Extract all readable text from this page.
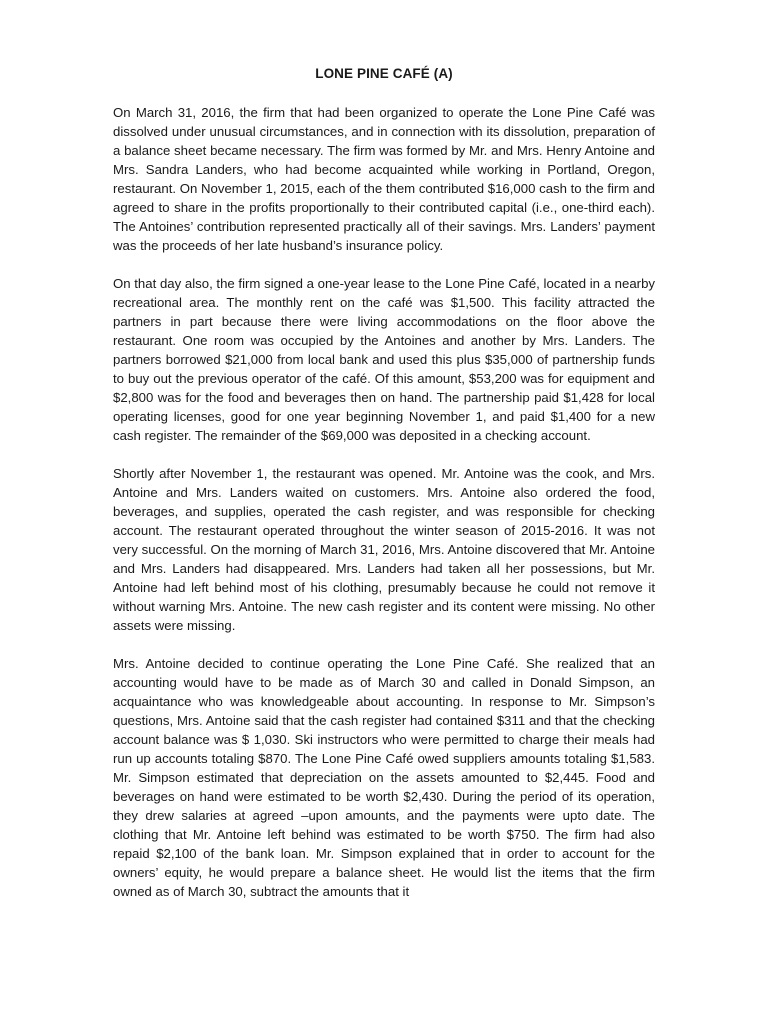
LONE PINE CAFÉ (A)

On March 31, 2016, the firm that had been organized to operate the Lone Pine Café was dissolved under unusual circumstances, and in connection with its dissolution, preparation of a balance sheet became necessary. The firm was formed by Mr. and Mrs. Henry Antoine and Mrs. Sandra Landers, who had become acquainted while working in Portland, Oregon, restaurant. On November 1, 2015, each of the them contributed $16,000 cash to the firm and agreed to share in the profits proportionally to their contributed capital (i.e., one-third each). The Antoines’ contribution represented practically all of their savings. Mrs. Landers’ payment was the proceeds of her late husband’s insurance policy.

On that day also, the firm signed a one-year lease to the Lone Pine Café, located in a nearby recreational area. The monthly rent on the café was $1,500. This facility attracted the partners in part because there were living accommodations on the floor above the restaurant. One room was occupied by the Antoines and another by Mrs. Landers. The partners borrowed $21,000 from local bank and used this plus $35,000 of partnership funds to buy out the previous operator of the café. Of this amount, $53,200 was for equipment and $2,800 was for the food and beverages then on hand. The partnership paid $1,428 for local operating licenses, good for one year beginning November 1, and paid $1,400 for a new cash register. The remainder of the $69,000 was deposited in a checking account.

Shortly after November 1, the restaurant was opened. Mr. Antoine was the cook, and Mrs. Antoine and Mrs. Landers waited on customers. Mrs. Antoine also ordered the food, beverages, and supplies, operated the cash register, and was responsible for checking account. The restaurant operated throughout the winter season of 2015-2016. It was not very successful. On the morning of March 31, 2016, Mrs. Antoine discovered that Mr. Antoine and Mrs. Landers had disappeared. Mrs. Landers had taken all her possessions, but Mr. Antoine had left behind most of his clothing, presumably because he could not remove it without warning Mrs. Antoine. The new cash register and its content were missing. No other assets were missing.

Mrs. Antoine decided to continue operating the Lone Pine Café. She realized that an accounting would have to be made as of March 30 and called in Donald Simpson, an acquaintance who was knowledgeable about accounting. In response to Mr. Simpson’s questions, Mrs. Antoine said that the cash register had contained $311 and that the checking account balance was $ 1,030. Ski instructors who were permitted to charge their meals had run up accounts totaling $870. The Lone Pine Café owed suppliers amounts totaling $1,583. Mr. Simpson estimated that depreciation on the assets amounted to $2,445. Food and beverages on hand were estimated to be worth $2,430. During the period of its operation, they drew salaries at agreed –upon amounts, and the payments were upto date. The clothing that Mr. Antoine left behind was estimated to be worth $750. The firm had also repaid $2,100 of the bank loan. Mr. Simpson explained that in order to account for the owners’ equity, he would prepare a balance sheet. He would list the items that the firm owned as of March 30, subtract the amounts that it
